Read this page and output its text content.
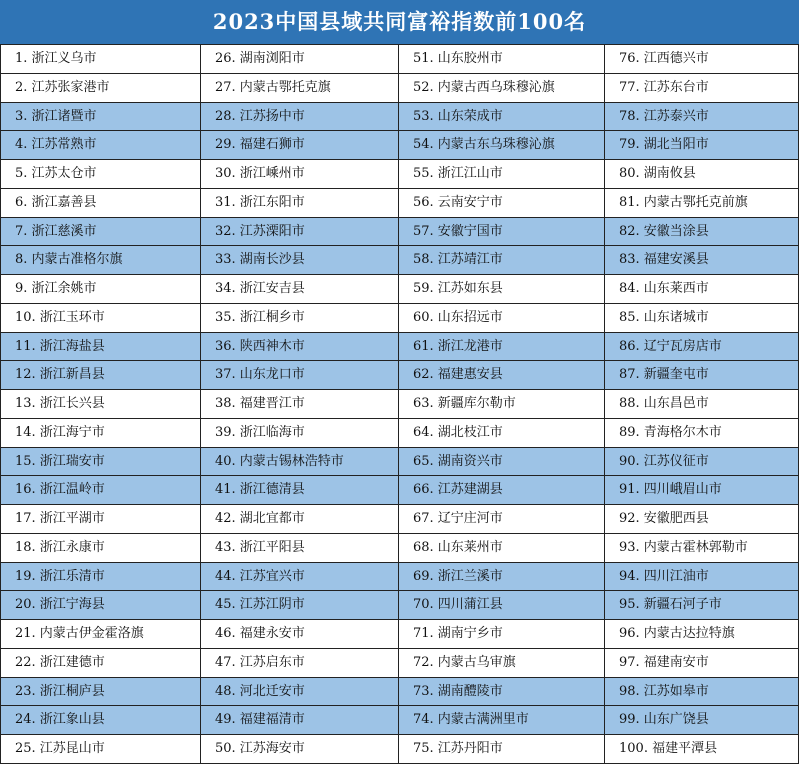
2023中国县域共同富裕指数前100名
1. 浙江义乌市
2. 江苏张家港市
3. 浙江诸暨市
4. 江苏常熟市
5. 江苏太仓市
6. 浙江嘉善县
7. 浙江慈溪市
8. 内蒙古准格尔旗
9. 浙江余姚市
10. 浙江玉环市
11. 浙江海盐县
12. 浙江新昌县
13. 浙江长兴县
14. 浙江海宁市
15. 浙江瑞安市
16. 浙江温岭市
17. 浙江平湖市
18. 浙江永康市
19. 浙江乐清市
20. 浙江宁海县
21. 内蒙古伊金霍洛旗
22. 浙江建德市
23. 浙江桐庐县
24. 浙江象山县
25. 江苏昆山市
26. 湖南浏阳市
27. 内蒙古鄂托克旗
28. 江苏扬中市
29. 福建石狮市
30. 浙江嵊州市
31. 浙江东阳市
32. 江苏溧阳市
33. 湖南长沙县
34. 浙江安吉县
35. 浙江桐乡市
36. 陕西神木市
37. 山东龙口市
38. 福建晋江市
39. 浙江临海市
40. 内蒙古锡林浩特市
41. 浙江德清县
42. 湖北宜都市
43. 浙江平阳县
44. 江苏宜兴市
45. 江苏江阴市
46. 福建永安市
47. 江苏启东市
48. 河北迁安市
49. 福建福清市
50. 江苏海安市
51. 山东胶州市
52. 内蒙古西乌珠穆沁旗
53. 山东荣成市
54. 内蒙古东乌珠穆沁旗
55. 浙江江山市
56. 云南安宁市
57. 安徽宁国市
58. 江苏靖江市
59. 江苏如东县
60. 山东招远市
61. 浙江龙港市
62. 福建惠安县
63. 新疆库尔勒市
64. 湖北枝江市
65. 湖南资兴市
66. 江苏建湖县
67. 辽宁庄河市
68. 山东莱州市
69. 浙江兰溪市
70. 四川蒲江县
71. 湖南宁乡市
72. 内蒙古乌审旗
73. 湖南醴陵市
74. 内蒙古满洲里市
75. 江苏丹阳市
76. 江西德兴市
77. 江苏东台市
78. 江苏泰兴市
79. 湖北当阳市
80. 湖南攸县
81. 内蒙古鄂托克前旗
82. 安徽当涂县
83. 福建安溪县
84. 山东莱西市
85. 山东诸城市
86. 辽宁瓦房店市
87. 新疆奎屯市
88. 山东昌邑市
89. 青海格尔木市
90. 江苏仪征市
91. 四川峨眉山市
92. 安徽肥西县
93. 内蒙古霍林郭勒市
94. 四川江油市
95. 新疆石河子市
96. 内蒙古达拉特旗
97. 福建南安市
98. 江苏如皋市
99. 山东广饶县
100. 福建平潭县
